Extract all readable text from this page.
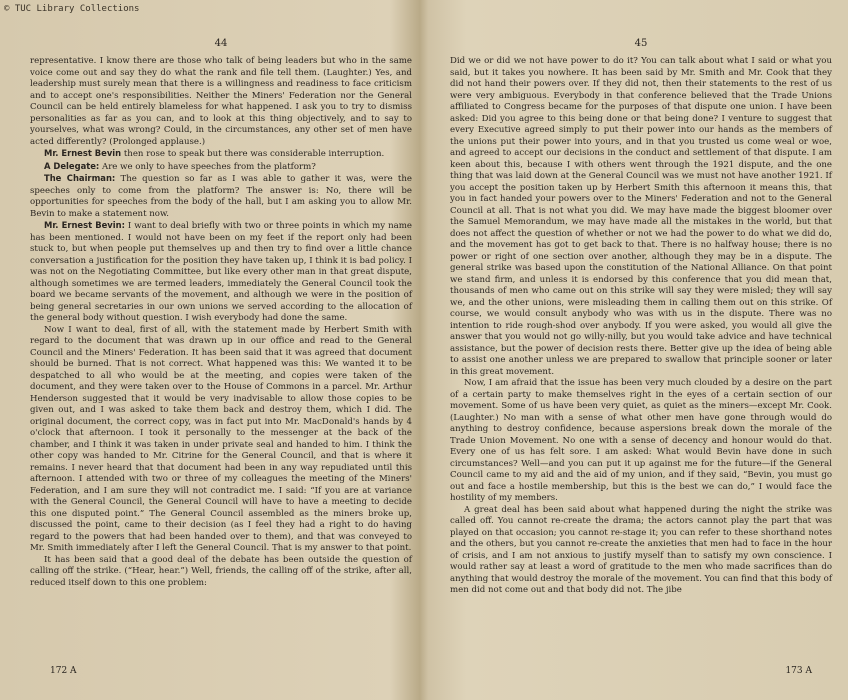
© TUC Library Collections
44

representative. I know there are those who talk of being leaders but who in the same voice come out and say they do what the rank and file tell them. (Laughter.) Yes, and leadership must surely mean that there is a willingness and readiness to face criticism and to accept one's responsibilities. Neither the Miners' Federation nor the General Council can be held entirely blameless for what happened. I ask you to try to dismiss personalities as far as you can, and to look at this thing objectively, and to say to yourselves, what was wrong? Could, in the circumstances, any other set of men have acted differently? (Prolonged applause.)

Mr. Ernest Bevin then rose to speak but there was considerable interruption.

A Delegate: Are we only to have speeches from the platform?

The Chairman: The question so far as I was able to gather it was, were the speeches only to come from the platform? The answer is: No, there will be opportunities for speeches from the body of the hall, but I am asking you to allow Mr. Bevin to make a statement now.

Mr. Ernest Bevin: I want to deal briefly with two or three points in which my name has been mentioned. I would not have been on my feet if the report only had been stuck to, but when people put themselves up and then try to find over a little chance conversation a justification for the position they have taken up, I think it is bad policy. I was not on the Negotiating Committee, but like every other man in that great dispute, although sometimes we are termed leaders, immediately the General Council took the board we became servants of the movement, and although we were in the position of being general secretaries in our own unions we served according to the allocation of the general body without question. I wish everybody had done the same.

Now I want to deal, first of all, with the statement made by Herbert Smith with regard to the document that was drawn up in our office and read to the General Council and the Miners' Federation. It has been said that it was agreed that document should be burned. That is not correct. What happened was this: We wanted it to be despatched to all who would be at the meeting, and copies were taken of the document, and they were taken over to the House of Commons in a parcel. Mr. Arthur Henderson suggested that it would be very inadvisable to allow those copies to be given out, and I was asked to take them back and destroy them, which I did. The original document, the correct copy, was in fact put into Mr. MacDonald's hands by 4 o'clock that afternoon. I took it personally to the messenger at the back of the chamber, and I think it was taken in under private seal and handed to him. I think the other copy was handed to Mr. Citrine for the General Council, and that is where it remains. I never heard that that document had been in any way repudiated until this afternoon. I attended with two or three of my colleagues the meeting of the Miners' Federation, and I am sure they will not contradict me. I said: “If you are at variance with the General Council, the General Council will have to have a meeting to decide this one disputed point.” The General Council assembled as the miners broke up, discussed the point, came to their decision (as I feel they had a right to do having regard to the powers that had been handed over to them), and that was conveyed to Mr. Smith immediately after I left the General Council. That is my answer to that point.

It has been said that a good deal of the debate has been outside the question of calling off the strike. (“Hear, hear.”) Well, friends, the calling off of the strike, after all, reduced itself down to this one problem:

172 A
45

Did we or did we not have power to do it? You can talk about what I said or what you said, but it takes you nowhere. It has been said by Mr. Smith and Mr. Cook that they did not hand their powers over. If they did not, then their statements to the rest of us were very ambiguous. Everybody in that conference believed that the Trade Unions affiliated to Congress became for the purposes of that dispute one union. I have been asked: Did you agree to this being done or that being done? I venture to suggest that every Executive agreed simply to put their power into our hands as the members of the unions put their power into yours, and in that you trusted us come weal or woe, and agreed to accept our decisions in the conduct and settlement of that dispute. I am keen about this, because I with others went through the 1921 dispute, and the one thing that was laid down at the General Council was we must not have another 1921. If you accept the position taken up by Herbert Smith this afternoon it means this, that you in fact handed your powers over to the Miners' Federation and not to the General Council at all. That is not what you did. We may have made the biggest bloomer over the Samuel Memorandum, we may have made all the mistakes in the world, but that does not affect the question of whether or not we had the power to do what we did do, and the movement has got to get back to that. There is no halfway house; there is no power or right of one section over another, although they may be in a dispute. The general strike was based upon the constitution of the National Alliance. On that point we stand firm, and unless it is endorsed by this conference that you did mean that, thousands of men who came out on this strike will say they were misled; they will say we, and the other unions, were misleading them in calling them out on this strike. Of course, we would consult anybody who was with us in the dispute. There was no intention to ride rough-shod over anybody. If you were asked, you would all give the answer that you would not go willy-nilly, but you would take advice and have technical assistance, but the power of decision rests there. Better give up the idea of being able to assist one another unless we are prepared to swallow that principle sooner or later in this great movement.

Now, I am afraid that the issue has been very much clouded by a desire on the part of a certain party to make themselves right in the eyes of a certain section of our movement. Some of us have been very quiet, as quiet as the miners—except Mr. Cook. (Laughter.) No man with a sense of what other men have gone through would do anything to destroy confidence, because aspersions break down the morale of the Trade Union Movement. No one with a sense of decency and honour would do that. Every one of us has felt sore. I am asked: What would Bevin have done in such circumstances? Well—and you can put it up against me for the future—if the General Council came to my aid and the aid of my union, and if they said, “Bevin, you must go out and face a hostile membership, but this is the best we can do,” I would face the hostility of my members.

A great deal has been said about what happened during the night the strike was called off. You cannot re-create the drama; the actors cannot play the part that was played on that occasion; you cannot re-stage it; you can refer to these shorthand notes and the others, but you cannot re-create the anxieties that men had to face in the hour of crisis, and I am not anxious to justify myself than to satisfy my own conscience. I would rather say at least a word of gratitude to the men who made sacrifices than do anything that would destroy the morale of the movement. You can find that this body of men did not come out and that body did not. The jibe

173 A
